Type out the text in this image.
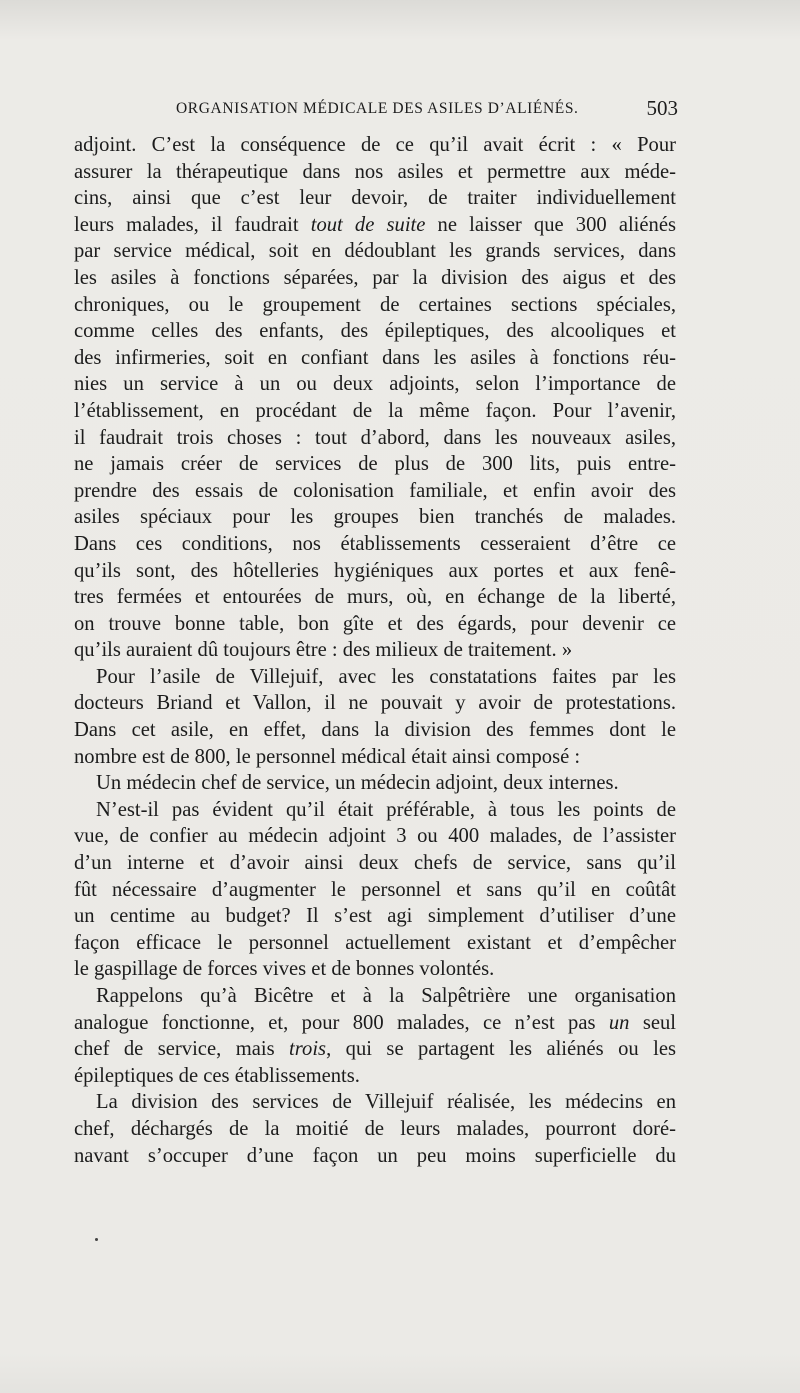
ORGANISATION MÉDICALE DES ASILES D’ALIÉNÉS.	503
adjoint. C’est la conséquence de ce qu’il avait écrit : « Pour
assurer la thérapeutique dans nos asiles et permettre aux méde-
cins, ainsi que c’est leur devoir, de traiter individuellement
leurs malades, il faudrait tout de suite ne laisser que 300 aliénés
par service médical, soit en dédoublant les grands services, dans
les asiles à fonctions séparées, par la division des aigus et des
chroniques, ou le groupement de certaines sections spéciales,
comme celles des enfants, des épileptiques, des alcooliques et
des infirmeries, soit en confiant dans les asiles à fonctions réu-
nies un service à un ou deux adjoints, selon l’importance de
l’établissement, en procédant de la même façon. Pour l’avenir,
il faudrait trois choses : tout d’abord, dans les nouveaux asiles,
ne jamais créer de services de plus de 300 lits, puis entre-
prendre des essais de colonisation familiale, et enfin avoir des
asiles spéciaux pour les groupes bien tranchés de malades.
Dans ces conditions, nos établissements cesseraient d’être ce
qu’ils sont, des hôtelleries hygiéniques aux portes et aux fenê-
tres fermées et entourées de murs, où, en échange de la liberté,
on trouve bonne table, bon gîte et des égards, pour devenir ce
qu’ils auraient dû toujours être : des milieux de traitement. »
Pour l’asile de Villejuif, avec les constatations faites par les
docteurs Briand et Vallon, il ne pouvait y avoir de protestations.
Dans cet asile, en effet, dans la division des femmes dont le
nombre est de 800, le personnel médical était ainsi composé :
Un médecin chef de service, un médecin adjoint, deux internes.
N’est-il pas évident qu’il était préférable, à tous les points de
vue, de confier au médecin adjoint 3 ou 400 malades, de l’assister
d’un interne et d’avoir ainsi deux chefs de service, sans qu’il
fût nécessaire d’augmenter le personnel et sans qu’il en coûtât
un centime au budget? Il s’est agi simplement d’utiliser d’une
façon efficace le personnel actuellement existant et d’empêcher
le gaspillage de forces vives et de bonnes volontés.
Rappelons qu’à Bicêtre et à la Salpêtrière une organisation
analogue fonctionne, et, pour 800 malades, ce n’est pas un seul
chef de service, mais trois, qui se partagent les aliénés ou les
épileptiques de ces établissements.
La division des services de Villejuif réalisée, les médecins en
chef, déchargés de la moitié de leurs malades, pourront doré-
navant s’occuper d’une façon un peu moins superficielle du
